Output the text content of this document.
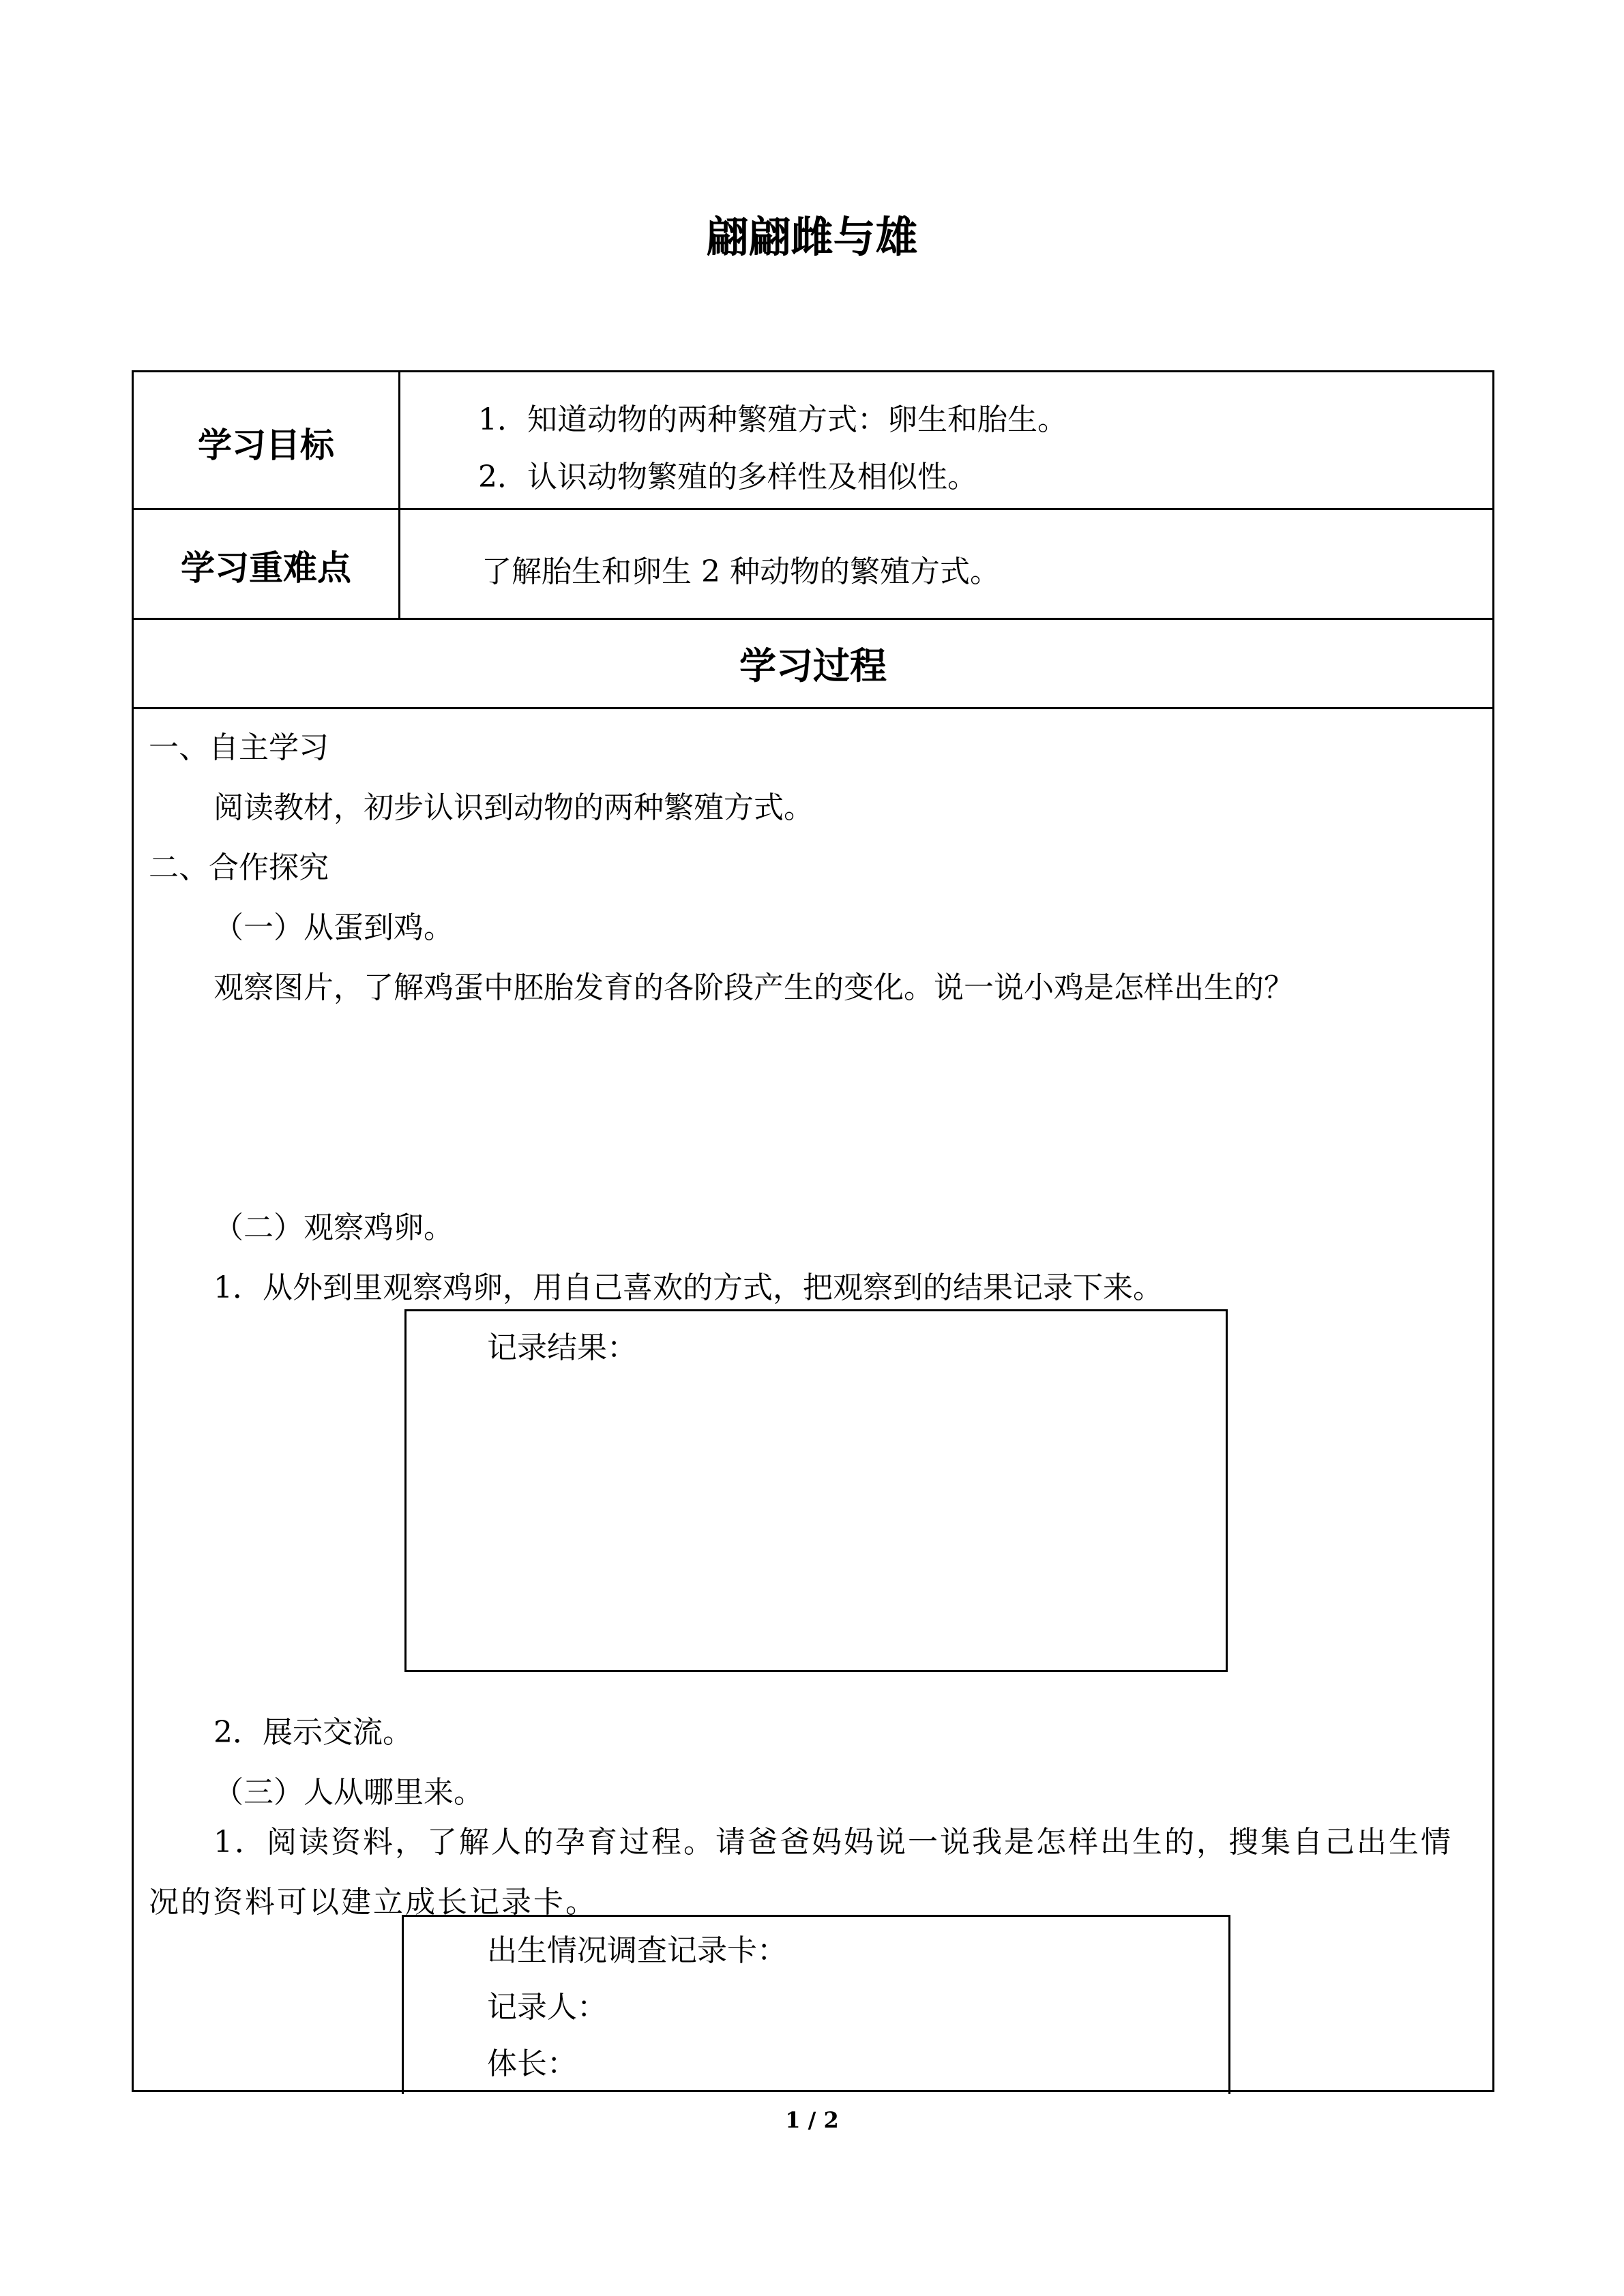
翩翩雌与雄
学习目标

1．知道动物的两种繁殖方式：卵生和胎生。

2．认识动物繁殖的多样性及相似性。

学习重难点	了解胎生和卵生 2 种动物的繁殖方式。

学习过程

一、自主学习

阅读教材，初步认识到动物的两种繁殖方式。

二、合作探究

（一）从蛋到鸡。

观察图片，了解鸡蛋中胚胎发育的各阶段产生的变化。说一说小鸡是怎样出生的？

（二）观察鸡卵。

1．从外到里观察鸡卵，用自己喜欢的方式，把观察到的结果记录下来。

记录结果：

2．展示交流。

（三）人从哪里来。

1．阅读资料，了解人的孕育过程。请爸爸妈妈说一说我是怎样出生的，搜集自己出生情况的资料可以建立成长记录卡。

出生情况调查记录卡：

记录人：

体长：

1 / 2
